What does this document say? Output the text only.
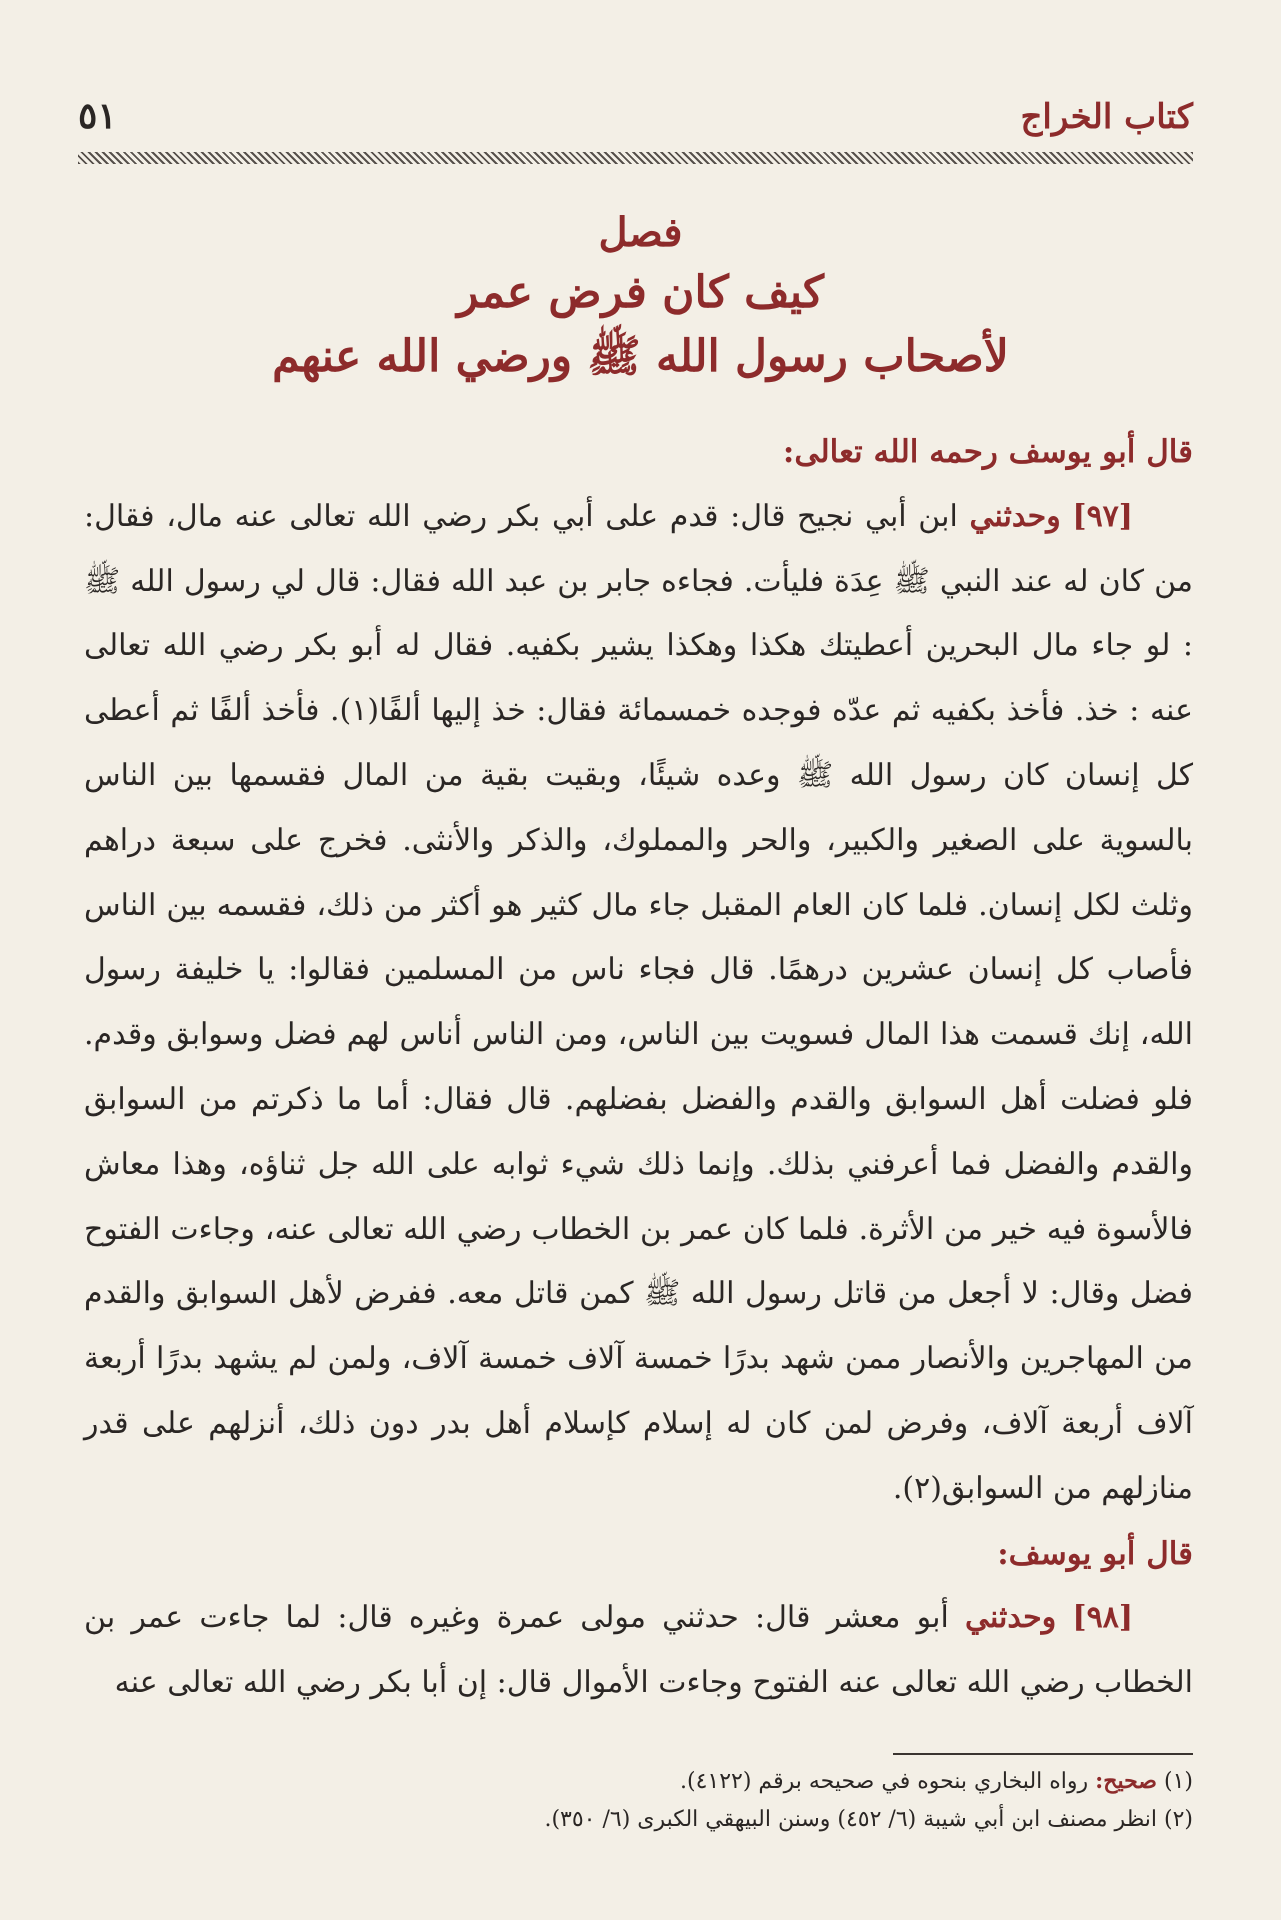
كتاب الخراج
٥١
فصل
كيف كان فرض عمر
لأصحاب رسول الله ﷺ ورضي الله عنهم
قال أبو يوسف رحمه الله تعالى:

[٩٧] وحدثني ابن أبي نجيح قال: قدم على أبي بكر رضي الله تعالى عنه مال، فقال: من كان له عند النبي ﷺ عِدَة فليأت. فجاءه جابر بن عبد الله فقال: قال لي رسول الله ﷺ : لو جاء مال البحرين أعطيتك هكذا وهكذا يشير بكفيه. فقال له أبو بكر رضي الله تعالى عنه : خذ. فأخذ بكفيه ثم عدّه فوجده خمسمائة فقال: خذ إليها ألفًا(١). فأخذ ألفًا ثم أعطى كل إنسان كان رسول الله ﷺ وعده شيئًا، وبقيت بقية من المال فقسمها بين الناس بالسوية على الصغير والكبير، والحر والمملوك، والذكر والأنثى. فخرج على سبعة دراهم وثلث لكل إنسان. فلما كان العام المقبل جاء مال كثير هو أكثر من ذلك، فقسمه بين الناس فأصاب كل إنسان عشرين درهمًا. قال فجاء ناس من المسلمين فقالوا: يا خليفة رسول الله، إنك قسمت هذا المال فسويت بين الناس، ومن الناس أناس لهم فضل وسوابق وقدم. فلو فضلت أهل السوابق والقدم والفضل بفضلهم. قال فقال: أما ما ذكرتم من السوابق والقدم والفضل فما أعرفني بذلك. وإنما ذلك شيء ثوابه على الله جل ثناؤه، وهذا معاش فالأسوة فيه خير من الأثرة. فلما كان عمر بن الخطاب رضي الله تعالى عنه، وجاءت الفتوح فضل وقال: لا أجعل من قاتل رسول الله ﷺ كمن قاتل معه. ففرض لأهل السوابق والقدم من المهاجرين والأنصار ممن شهد بدرًا خمسة آلاف خمسة آلاف، ولمن لم يشهد بدرًا أربعة آلاف أربعة آلاف، وفرض لمن كان له إسلام كإسلام أهل بدر دون ذلك، أنزلهم على قدر منازلهم من السوابق(٢).

قال أبو يوسف:

[٩٨] وحدثني أبو معشر قال: حدثني مولى عمرة وغيره قال: لما جاءت عمر بن الخطاب رضي الله تعالى عنه الفتوح وجاءت الأموال قال: إن أبا بكر رضي الله تعالى عنه

(١) صحيح: رواه البخاري بنحوه في صحيحه برقم (٤١٢٢).
(٢) انظر مصنف ابن أبي شيبة (٦/ ٤٥٢) وسنن البيهقي الكبرى (٦/ ٣٥٠).
